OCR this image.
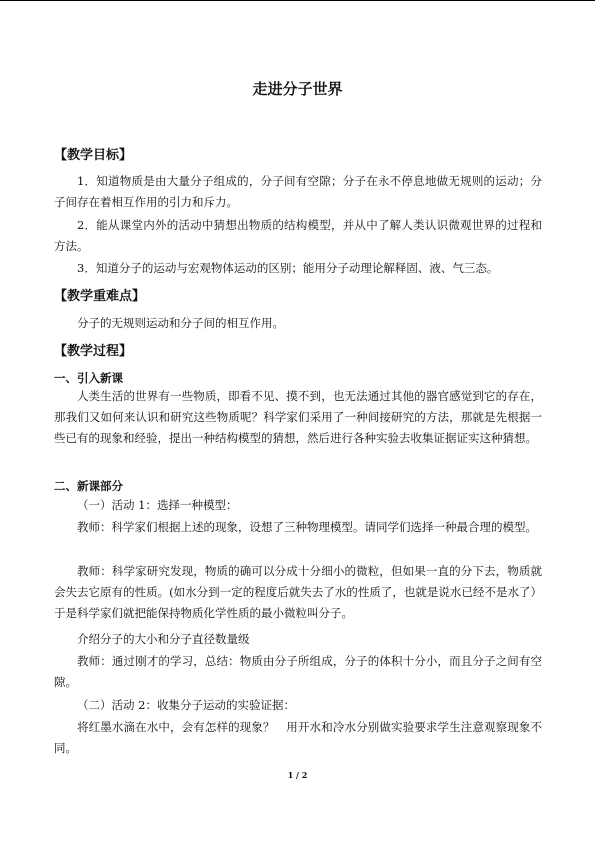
走进分子世界
【教学目标】
1．知道物质是由大量分子组成的，分子间有空隙；分子在永不停息地做无规则的运动；分子间存在着相互作用的引力和斥力。
2．能从课堂内外的活动中猜想出物质的结构模型，并从中了解人类认识微观世界的过程和方法。
3．知道分子的运动与宏观物体运动的区别；能用分子动理论解释固、液、气三态。
【教学重难点】
分子的无规则运动和分子间的相互作用。
【教学过程】
一、引入新课
人类生活的世界有一些物质，即看不见、摸不到，也无法通过其他的器官感觉到它的存在，那我们又如何来认识和研究这些物质呢？科学家们采用了一种间接研究的方法，那就是先根据一些已有的现象和经验，提出一种结构模型的猜想，然后进行各种实验去收集证据证实这种猜想。
二、新课部分
（一）活动 1：选择一种模型：
教师：科学家们根据上述的现象，设想了三种物理模型。请同学们选择一种最合理的模型。
教师：科学家研究发现，物质的确可以分成十分细小的微粒，但如果一直的分下去，物质就会失去它原有的性质。(如水分到一定的程度后就失去了水的性质了，也就是说水已经不是水了）于是科学家们就把能保持物质化学性质的最小微粒叫分子。
介绍分子的大小和分子直径数量级
教师：通过刚才的学习，总结：物质由分子所组成，分子的体积十分小，而且分子之间有空隙。
（二）活动 2：收集分子运动的实验证据：
将红墨水滴在水中，会有怎样的现象？　用开水和冷水分别做实验要求学生注意观察现象不同。
1 / 2
